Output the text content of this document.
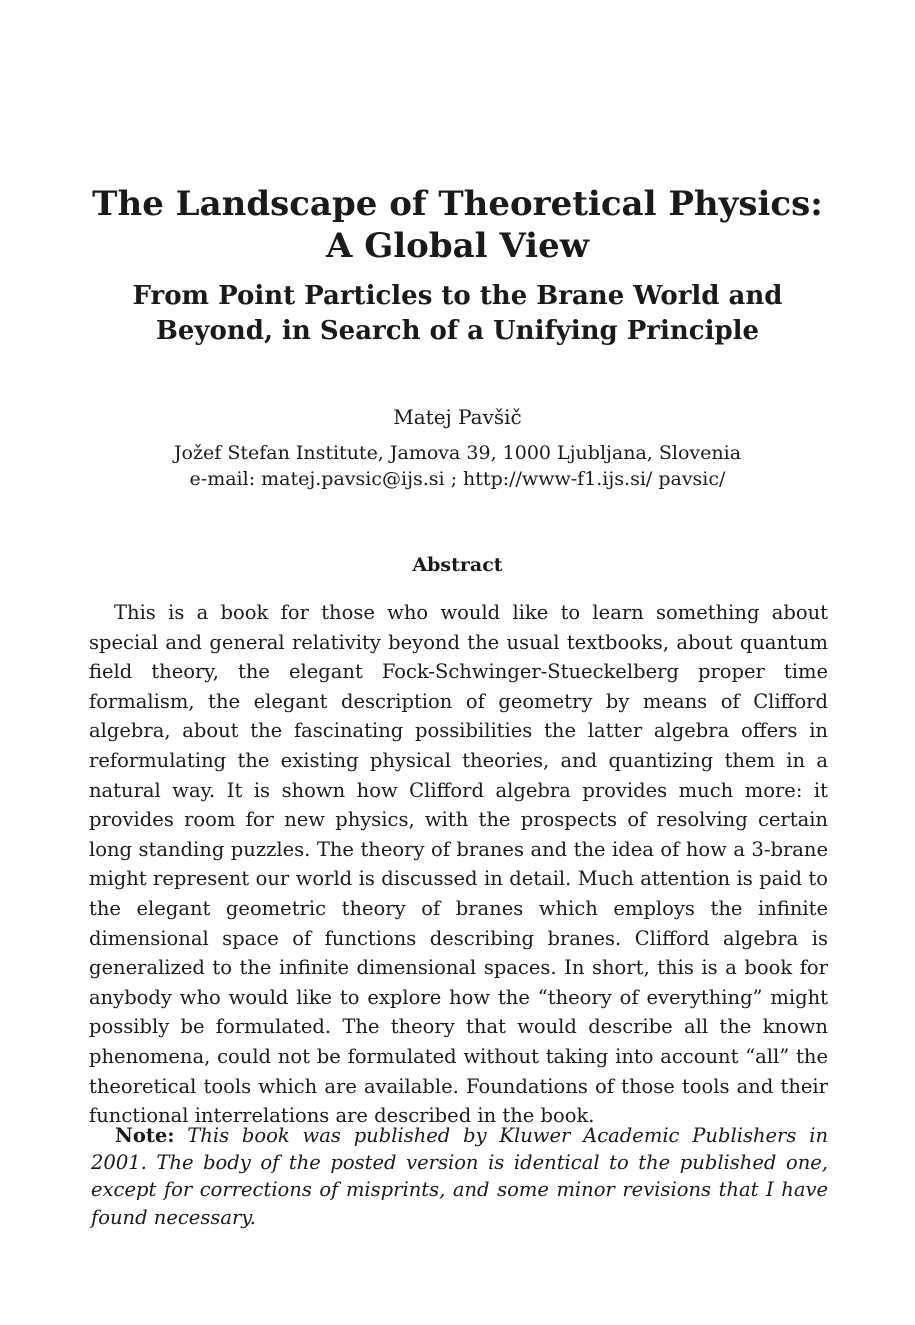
The Landscape of Theoretical Physics:
A Global View
From Point Particles to the Brane World and
Beyond, in Search of a Unifying Principle
Matej Pavšič
Jožef Stefan Institute, Jamova 39, 1000 Ljubljana, Slovenia
e-mail: matej.pavsic@ijs.si ; http://www-f1.ijs.si/ pavsic/
Abstract

This is a book for those who would like to learn something about special and general relativity beyond the usual textbooks, about quantum field theory, the elegant Fock-Schwinger-Stueckelberg proper time formalism, the elegant description of geometry by means of Clifford algebra, about the fascinating possibilities the latter algebra offers in reformulating the existing physical theories, and quantizing them in a natural way. It is shown how Clifford algebra provides much more: it provides room for new physics, with the prospects of resolving certain long standing puzzles. The theory of branes and the idea of how a 3-brane might represent our world is discussed in detail. Much attention is paid to the elegant geometric theory of branes which employs the infinite dimensional space of functions describing branes. Clifford algebra is generalized to the infinite dimensional spaces. In short, this is a book for anybody who would like to explore how the “theory of everything” might possibly be formulated. The theory that would describe all the known phenomena, could not be formulated without taking into account “all” the theoretical tools which are available. Foundations of those tools and their functional interrelations are described in the book.

Note: This book was published by Kluwer Academic Publishers in 2001. The body of the posted version is identical to the published one, except for corrections of misprints, and some minor revisions that I have found necessary.
